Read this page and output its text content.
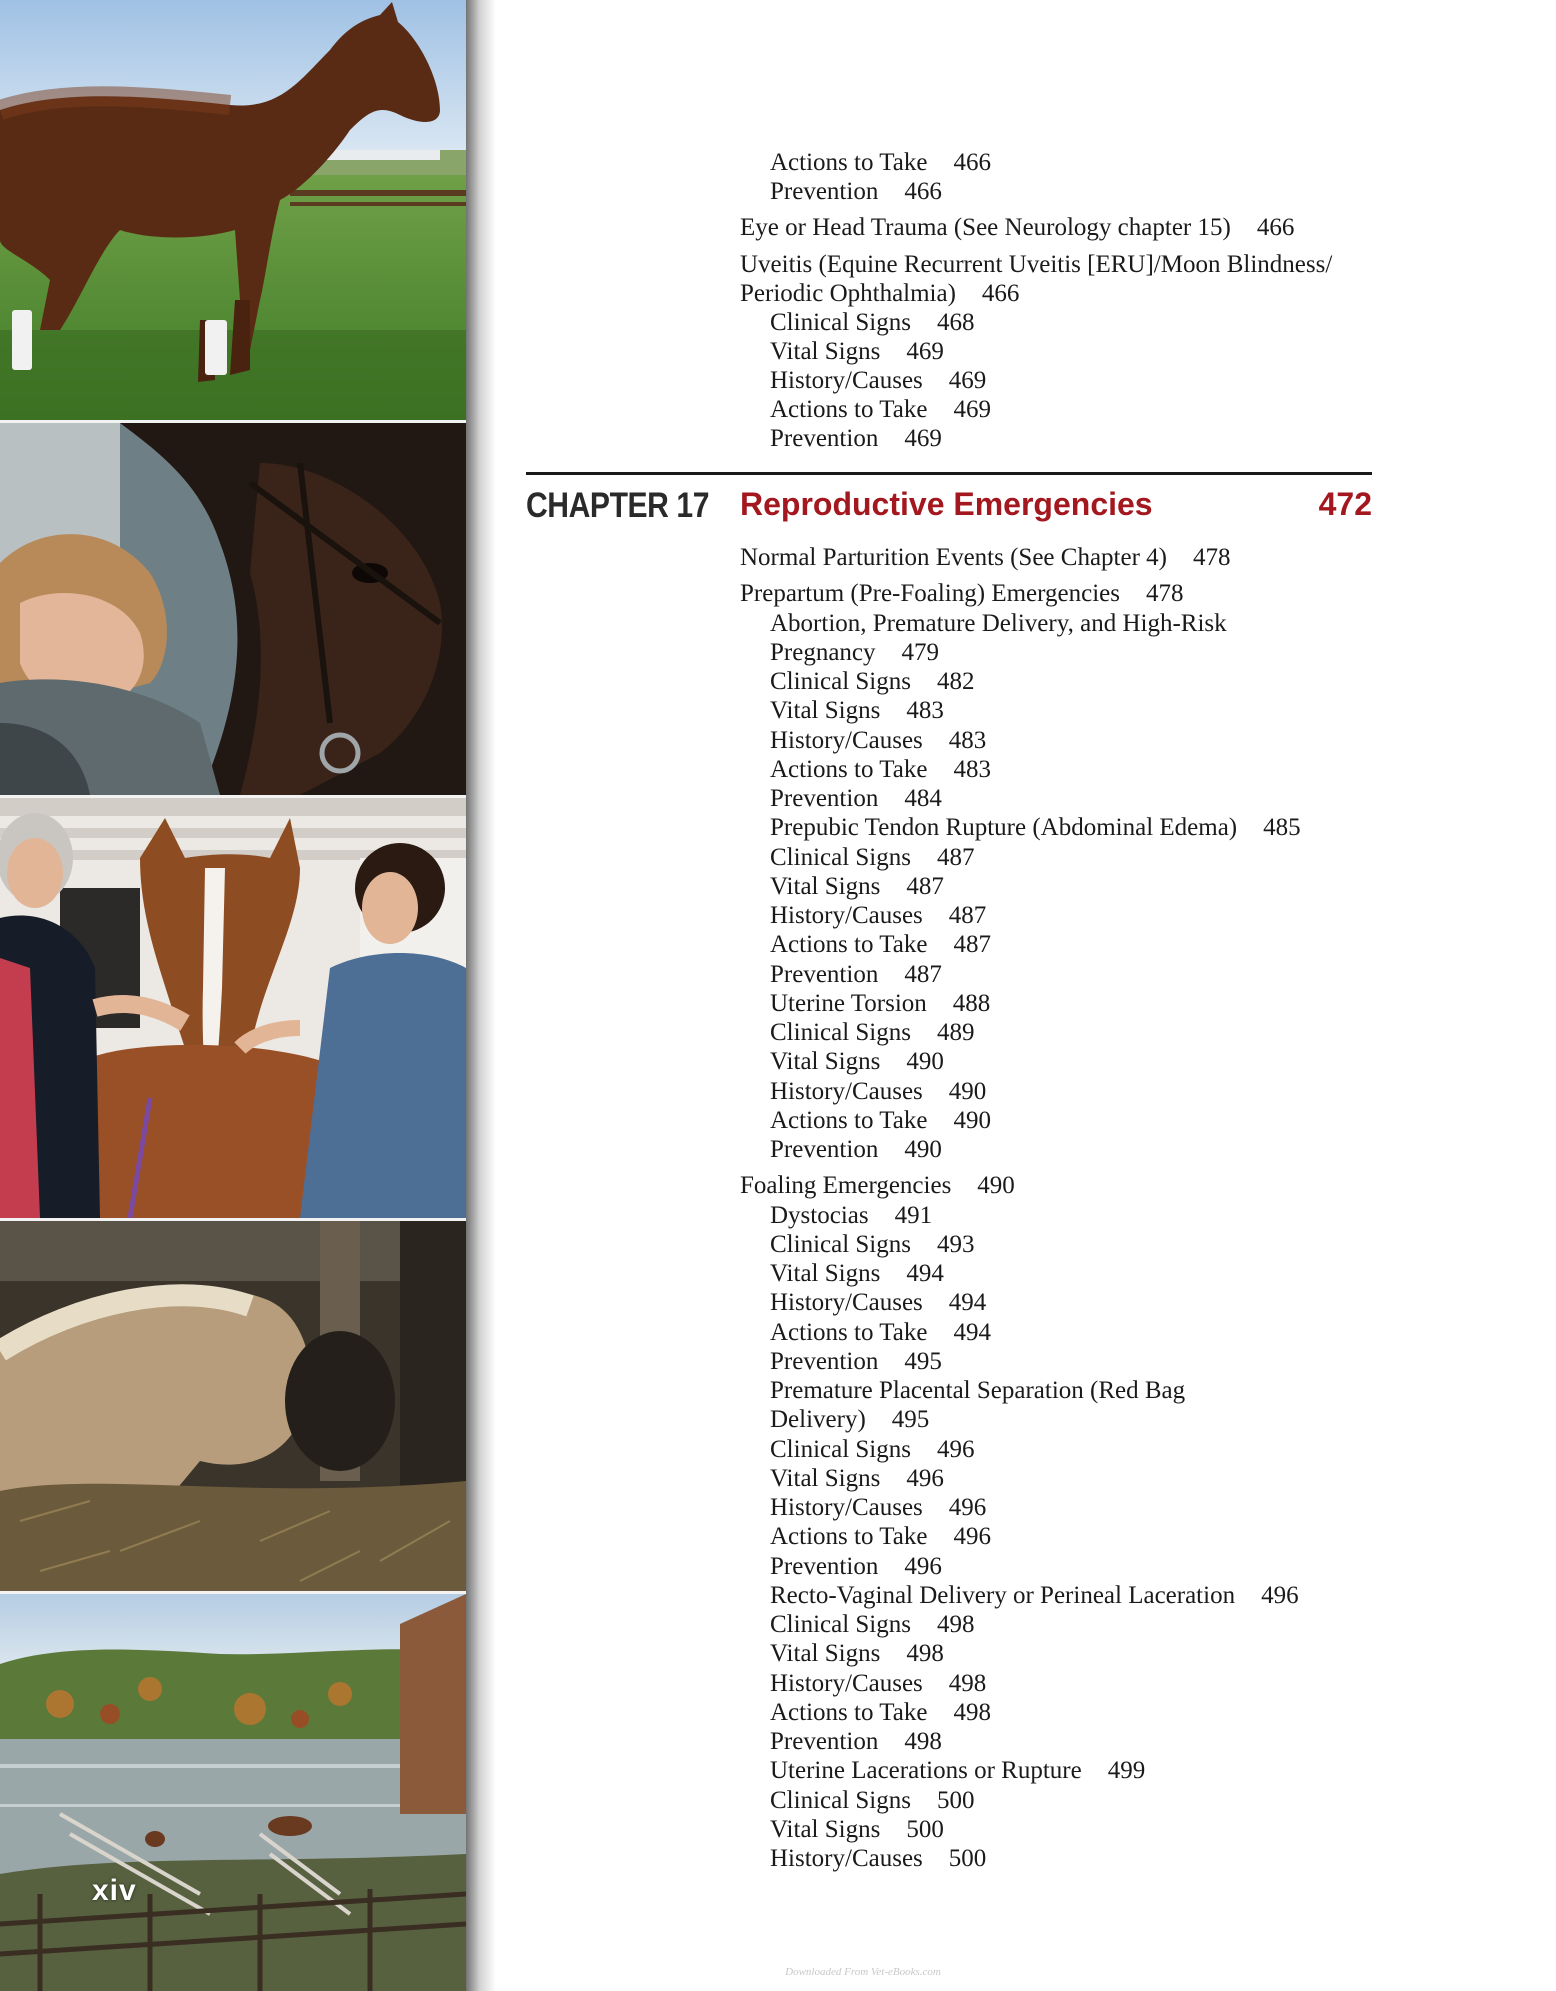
xiv
Actions to Take 466
Prevention 466
Eye or Head Trauma (See Neurology chapter 15) 466
Uveitis (Equine Recurrent Uveitis [ERU]/Moon Blindness/
Periodic Ophthalmia) 466
Clinical Signs 468
Vital Signs 469
History/Causes 469
Actions to Take 469
Prevention 469
CHAPTER 17 Reproductive Emergencies	472
Normal Parturition Events (See Chapter 4) 478
Prepartum (Pre-Foaling) Emergencies 478
Abortion, Premature Delivery, and High-Risk
Pregnancy 479
Clinical Signs 482
Vital Signs 483
History/Causes 483
Actions to Take 483
Prevention 484
Prepubic Tendon Rupture (Abdominal Edema) 485
Clinical Signs 487
Vital Signs 487
History/Causes 487
Actions to Take 487
Prevention 487
Uterine Torsion 488
Clinical Signs 489
Vital Signs 490
History/Causes 490
Actions to Take 490
Prevention 490
Foaling Emergencies 490
Dystocias 491
Clinical Signs 493
Vital Signs 494
History/Causes 494
Actions to Take 494
Prevention 495
Premature Placental Separation (Red Bag
Delivery) 495
Clinical Signs 496
Vital Signs 496
History/Causes 496
Actions to Take 496
Prevention 496
Recto-Vaginal Delivery or Perineal Laceration 496
Clinical Signs 498
Vital Signs 498
History/Causes 498
Actions to Take 498
Prevention 498
Uterine Lacerations or Rupture 499
Clinical Signs 500
Vital Signs 500
History/Causes 500
Downloaded From Vet-eBooks.com
